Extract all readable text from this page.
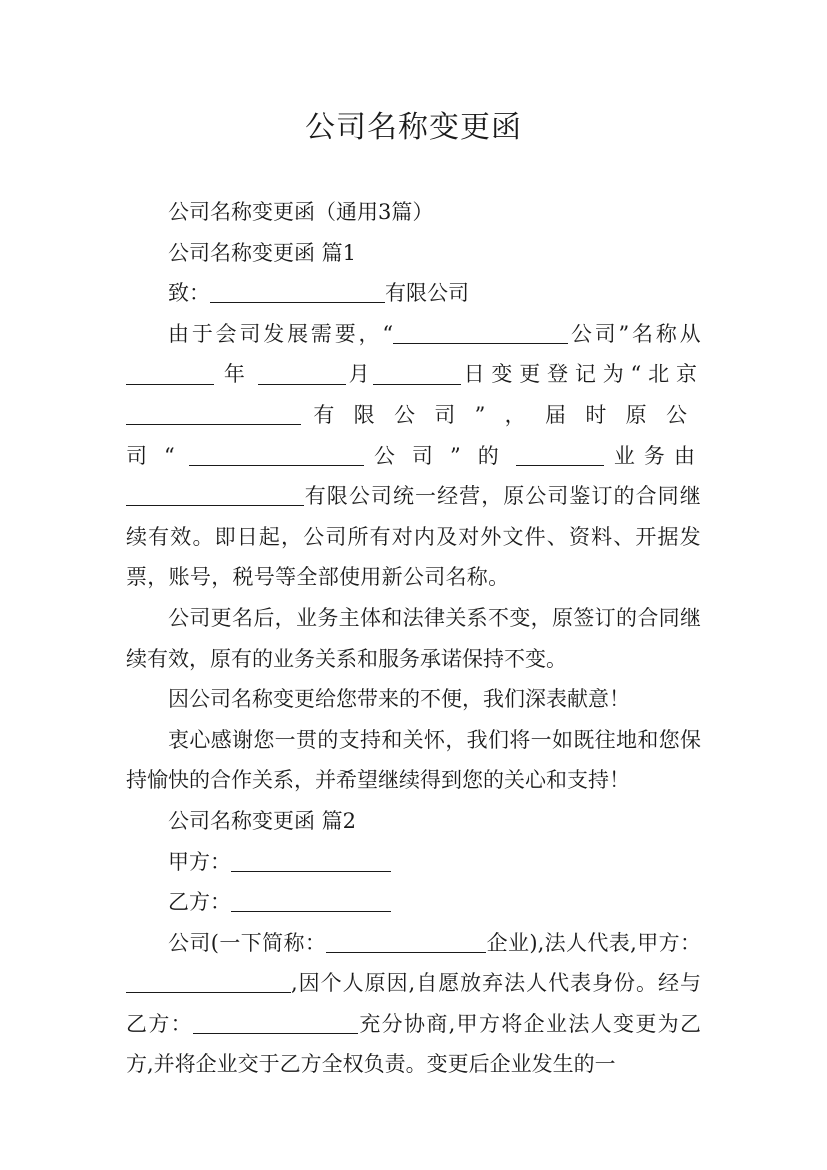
公司名称变更函

公司名称变更函（通用3篇）

公司名称变更函 篇1

致：	有限公司

由于会司发展需要，“	公司”名称从 年	月	日变更登记为“北京  有限公司”，届时原公司“	公司”的	业务由有限公司统一经营，原公司鉴订的合同继续有效。即日起，公司所有对内及对外文件、资料、开据发票，账号，税号等全部使用新公司名称。

公司更名后，业务主体和法律关系不变，原签订的合同继续有效，原有的业务关系和服务承诺保持不变。

因公司名称变更给您带来的不便，我们深表献意！

衷心感谢您一贯的支持和关怀，我们将一如既往地和您保持愉快的合作关系，并希望继续得到您的关心和支持！

公司名称变更函 篇2

甲方：

乙方：

公司(一下简称：	企业),法人代表,甲方：,因个人原因,自愿放弃法人代表身份。经与乙方：	充分协商,甲方将企业法人变更为乙方,并将企业交于乙方全权负责。变更后企业发生的一
